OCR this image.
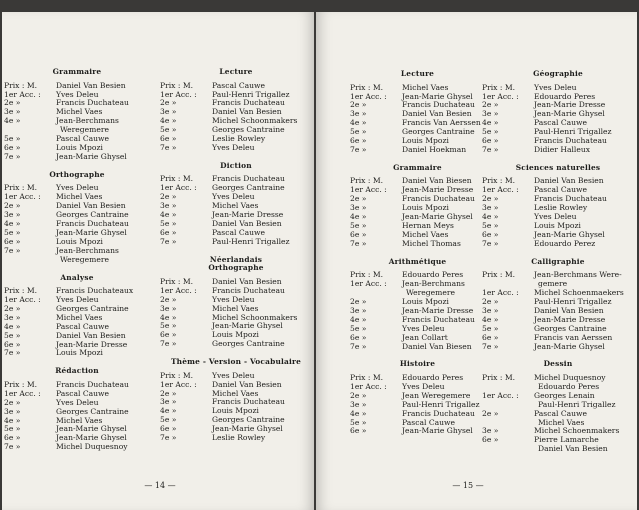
Grammaire
Prix : M. Daniel Van Besien
1er Acc. : Yves Deleu
2e »	Francis Duchateau
3e »	Michel Vaes
4e »	Jean-Berchmans
Weregemere
5e »	Pascal Cauwe
6e »	Louis Mpozi
7e »	Jean-Marie Ghysel
Orthographe
Prix : M. Yves Deleu
1er Acc. : Michel Vaes
2e »	Daniel Van Besien
3e »	Georges Cantraine
4e »	Francis Duchateau
5e »	Jean-Marie Ghysel
6e »	Louis Mpozi
7e »	Jean-Berchmans
Weregemere
Analyse
Prix : M. Francis Duchateaux
1er Acc. : Yves Deleu
2e »	Georges Cantraine
3e »	Michel Vaes
4e »	Pascal Cauwe
5e »	Daniel Van Besien
6e »	Jean-Marie Dresse
7e »	Louis Mpozi
Rédaction
Prix : M. Francis Duchateau
1er Acc. : Pascal Cauwe
2e »	Yves Deleu
3e »	Georges Cantraine
4e »	Michel Vaes
5e »	Jean-Marie Ghysel
6e »	Jean-Marie Ghysel
7e »	Michel Duquesnoy
Lecture
Prix : M. Pascal Cauwe
1er Acc. : Paul-Henri Trigallez
2e »	Francis Duchateau
3e »	Daniel Van Besien
4e »	Michel Schoonmakers
5e »	Georges Cantraine
6e »	Leslie Rowley
7e »	Yves Deleu
Diction
Prix : M. Francis Duchateau
1er Acc. : Georges Cantraine
2e »	Yves Deleu
3e »	Michel Vaes
4e »	Jean-Marie Dresse
5e »	Daniel Van Besien
6e »	Pascal Cauwe
7e »	Paul-Henri Trigallez
Néerlandais
Orthographe
Prix : M. Daniel Van Besien
1er Acc. : Francis Duchateau
2e »	Yves Deleu
3e »	Michel Vaes
4e »	Michel Schoonmakers
5e »	Jean-Marie Ghysel
6e »	Louis Mpozi
7e »	Georges Cantraine
Thème - Version - Vocabulaire
Prix : M. Yves Deleu
1er Acc. : Daniel Van Besien
2e »	Michel Vaes
3e »	Francis Duchateau
4e »	Louis Mpozi
5e »	Georges Cantraine
6e »	Jean-Marie Ghysel
7e »	Leslie Rowley
— 14 —
Lecture
Prix : M. Michel Vaes
1er Acc. : Jean-Marie Ghysel
2e »	Francis Duchateau
3e »	Daniel Van Besien
4e »	Francis Van Aerssen
5e »	Georges Cantraine
6e »	Louis Mpozi
7e »	Daniel Hoekman
Grammaire
Prix : M. Daniel Van Biesen
1er Acc. : Jean-Marie Dresse
2e »	Francis Duchateau
3e »	Louis Mpozi
4e »	Jean-Marie Ghysel
5e »	Hernan Meys
6e »	Michel Vaes
7e »	Michel Thomas
Arithmétique
Prix : M. Edouardo Peres
1er Acc. : Jean-Berchmans
Weregemere
2e »	Louis Mpozi
3e »	Jean-Marie Dresse
4e »	Francis Duchateau
5e »	Yves Deleu
6e »	Jean Collart
7e »	Daniel Van Biesen
Histoire
Prix : M. Edouardo Peres
1er Acc. : Yves Deleu
2e »	Jean Weregemere
3e »	Paul-Henri Trigallez
4e »	Francis Duchateau
5e »	Pascal Cauwe
6e »	Jean-Marie Ghysel
Géographie
Prix : M. Yves Deleu
1er Acc. : Edouardo Peres
2e »	Jean-Marie Dresse
3e »	Jean-Marie Ghysel
4e »	Pascal Cauwe
5e »	Paul-Henri Trigallez
6e »	Francis Duchateau
7e »	Didier Halleux
Sciences naturelles
Prix : M. Daniel Van Besien
1er Acc. : Pascal Cauwe
2e »	Francis Duchateau
3e »	Leslie Rowley
4e »	Yves Deleu
5e »	Louis Mpozi
6e »	Jean-Marie Ghysel
7e »	Edouardo Perez
Calligraphie
Prix : M. Jean-Berchmans Were-
gemere
1er Acc. : Michel Schoenmaekers
2e »	Paul-Henri Trigallez
3e »	Daniel Van Besien
4e »	Jean-Marie Dresse
5e »	Georges Cantraine
6e »	Francis van Aerssen
7e »	Jean-Marie Ghysel
Dessin
Prix : M. Michel Duquesnoy
Edouardo Peres
1er Acc. : Georges Lenain
Paul-Henri Trigallez
2e »	Pascal Cauwe
Michel Vaes
3e »	Michel Schoenmakers
6e »	Pierre Lamarche
Daniel Van Besien
— 15 —
